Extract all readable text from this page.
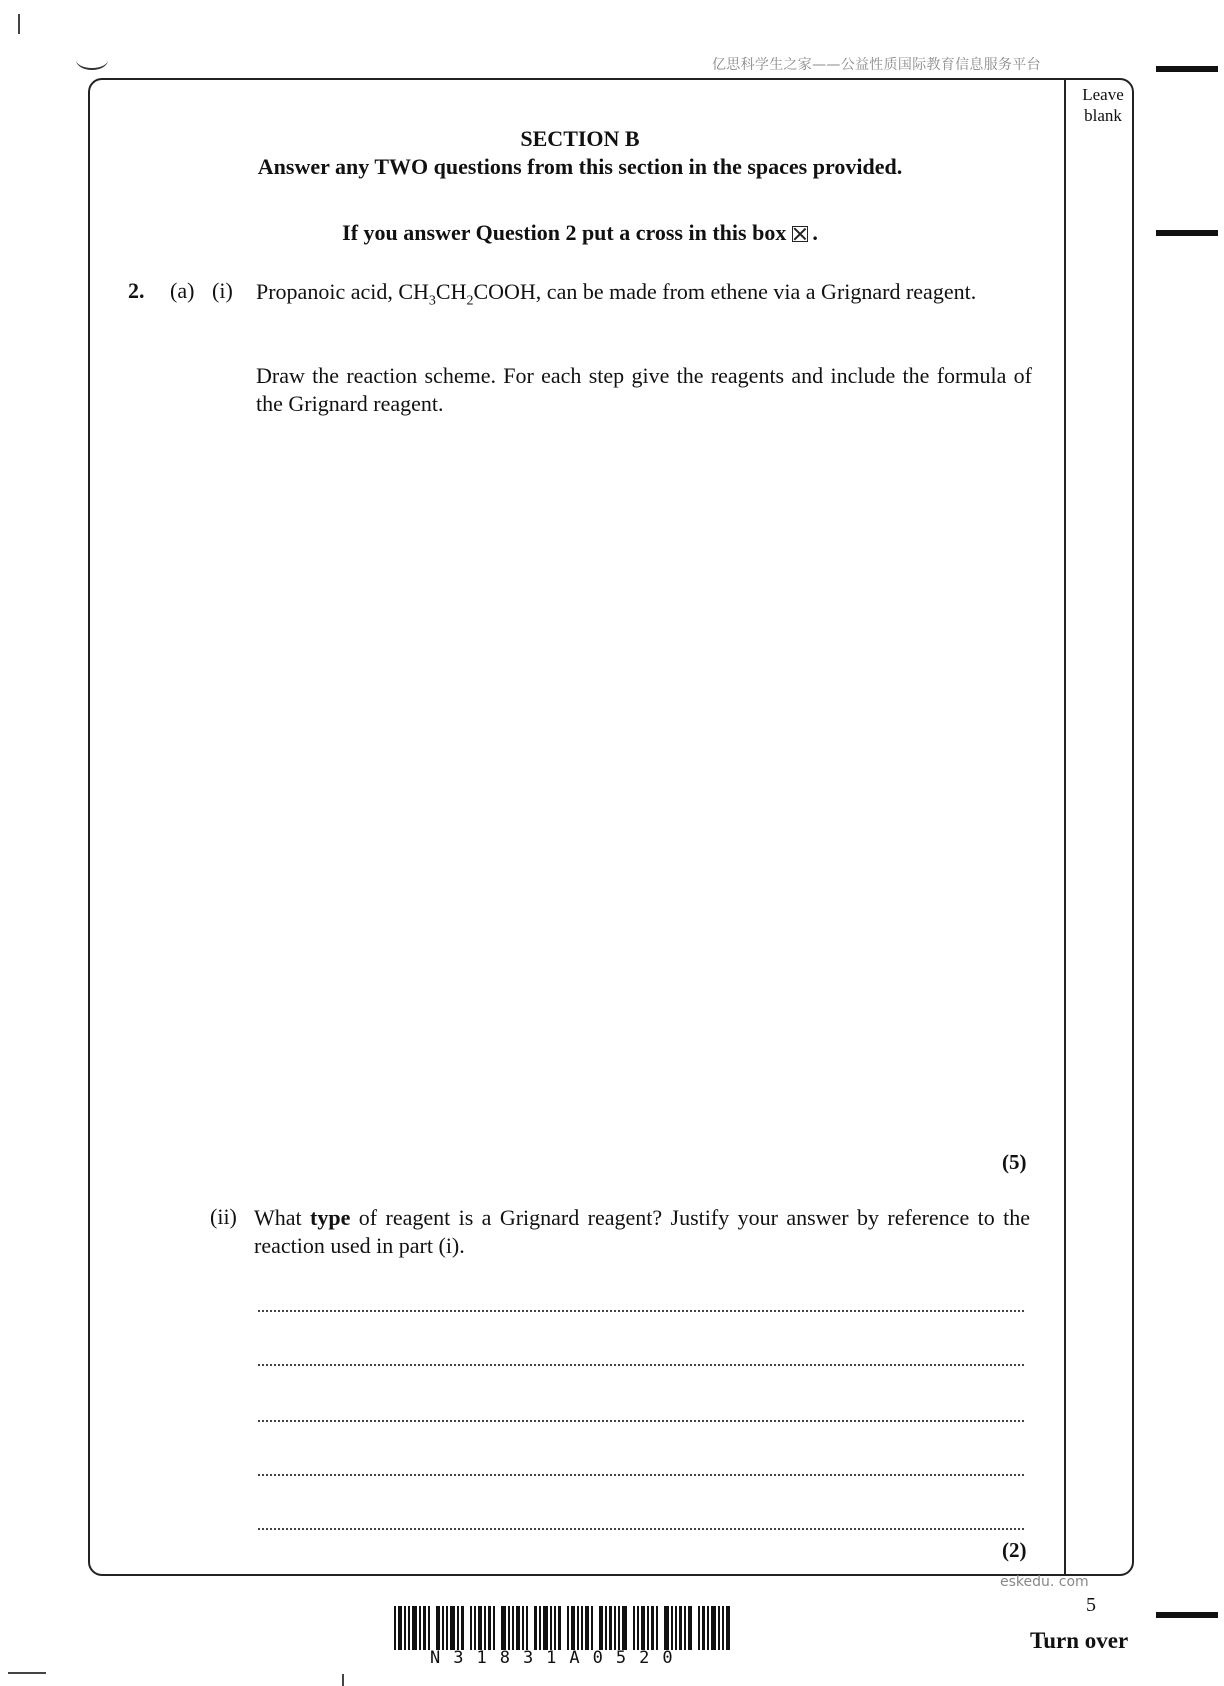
亿思科学生之家——公益性质国际教育信息服务平台
Leave
blank
SECTION B
Answer any TWO questions from this section in the spaces provided.
If you answer Question 2 put a cross in this box .
2. (a) (i) Propanoic acid, $CH_3CH_2COOH$, can be made from ethene via a Grignard reagent.
Draw the reaction scheme. For each step give the reagents and include the formula of the Grignard reagent.
(5)
(ii) What type of reagent is a Grignard reagent? Justify your answer by reference to the reaction used in part (i).
(2)
eskedu. com
5
N31831A0520
Turn over
